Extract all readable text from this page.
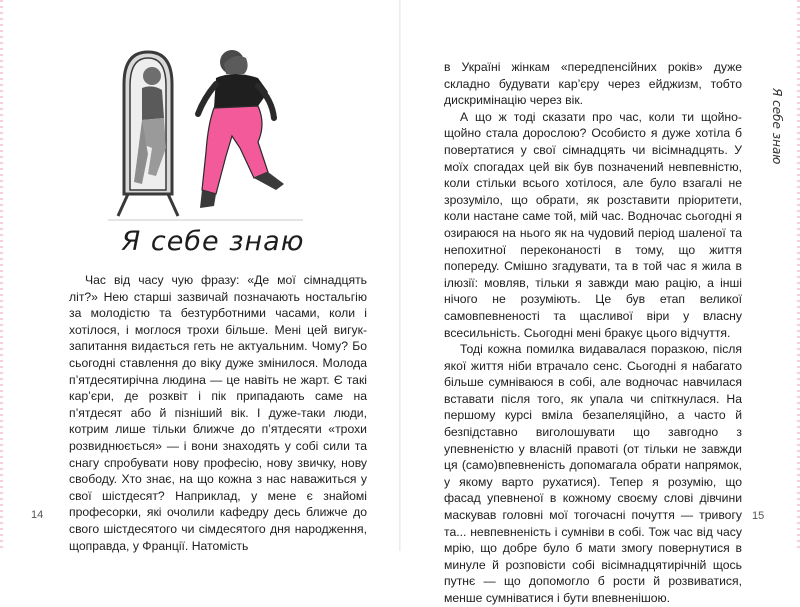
Я себе знаю

Час від часу чую фразу: «Де мої сімнадцять літ?» Нею старші зазвичай позначають ностальгію за молодістю та безтурботними часами, коли і хотілося, і моглося трохи більше. Мені цей вигук-запитання видається геть не актуальним. Чому? Бо сьогодні ставлення до віку дуже змінилося. Молода п’ятдесятирічна людина — це навіть не жарт. Є такі кар’єри, де розквіт і пік припадають саме на п’ятдесят або й пізніший вік. І дуже-таки люди, котрим лише тільки ближче до п’ятдесяти «трохи розвиднюється» — і вони знаходять у собі сили та снагу спробувати нову професію, нову звичку, нову свободу. Хто знає, на що кожна з нас наважиться у свої шістдесят? Наприклад, у мене є знайомі професорки, які очолили кафедру десь ближче до свого шістдесятого чи сімдесятого дня народження, щоправда, у Франції. Натомість

в Україні жінкам «передпенсійних років» дуже складно будувати кар’єру через ейджизм, тобто дискримінацію через вік.

А що ж тоді сказати про час, коли ти щойно-щойно стала дорослою? Особисто я дуже хотіла б повертатися у свої сімнадцять чи вісімнадцять. У моїх спогадах цей вік був позначений невпевністю, коли стільки всього хотілося, але було взагалі не зрозуміло, що обрати, як розставити пріоритети, коли настане саме той, мій час. Водночас сьогодні я озираюся на нього як на чудовий період шаленої та непохитної переконаності в тому, що життя попереду. Смішно згадувати, та в той час я жила в ілюзії: мовляв, тільки я завжди маю рацію, а інші нічого не розуміють. Це був етап великої самовпевненості та щасливої віри у власну всесильність. Сьогодні мені бракує цього відчуття.

Тоді кожна помилка видавалася поразкою, після якої життя ніби втрачало сенс. Сьогодні я набагато більше сумніваюся в собі, але водночас навчилася вставати після того, як упала чи спіткнулася. На першому курсі вміла безапеляційно, а часто й безпідставно виголошувати що завгодно з упевненістю у власній правоті (от тільки не завжди ця (само)впевненість допомагала обрати напрямок, у якому варто рухатися). Тепер я розумію, що фасад упевненої в кожному своєму слові дівчини маскував головні мої тогочасні почуття — тривогу та... невпевненість і сумніви в собі. Тож час від часу мрію, що добре було б мати змогу повернутися в минуле й розповісти собі вісімнадцятирічній щось путнє — що допомогло б рости й розвиватися, менше сумніватися і бути впевненішою.

Я себе знаю
14	15
